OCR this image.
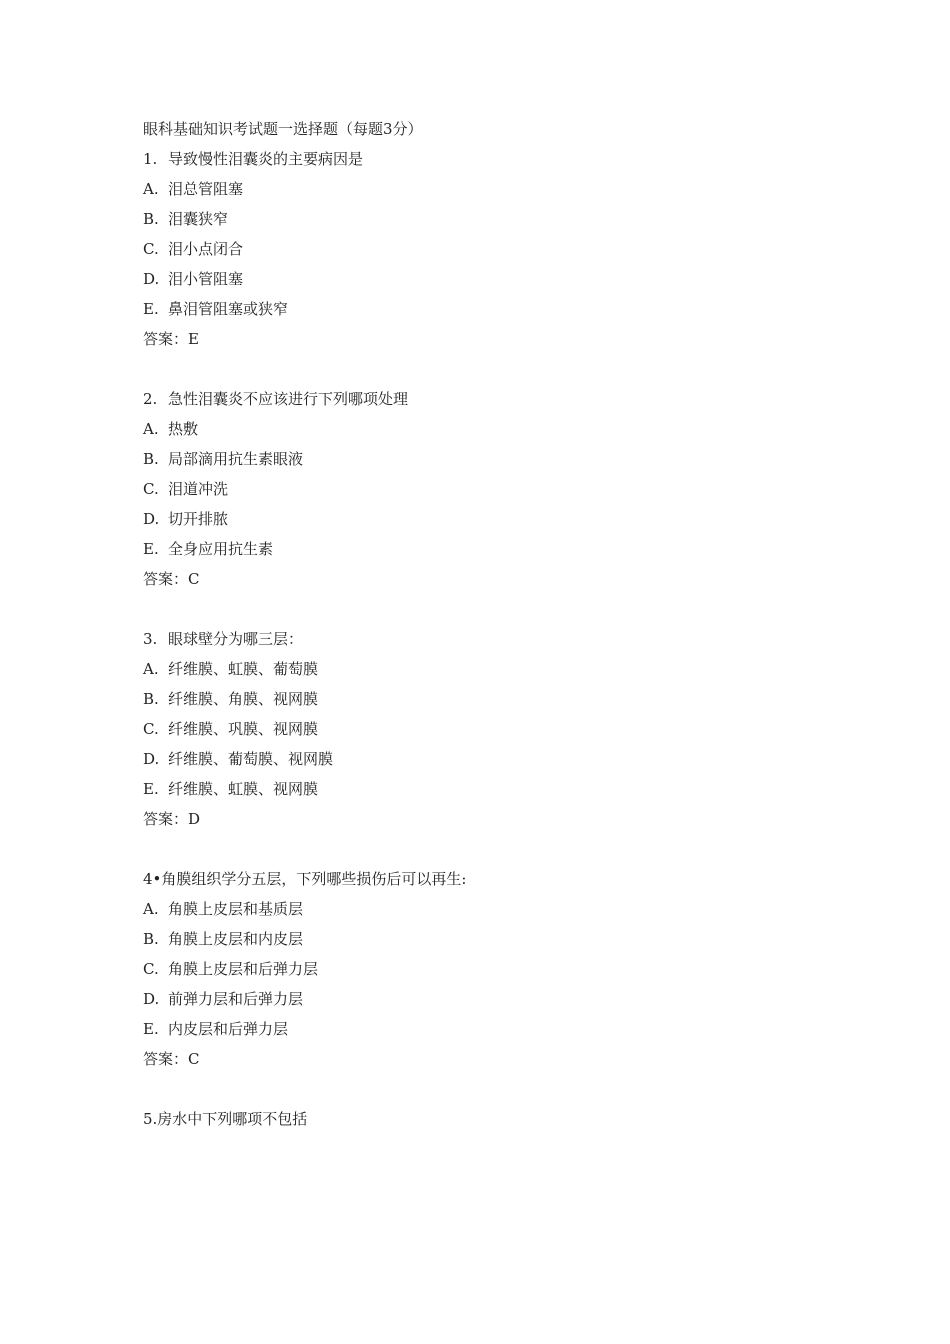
眼科基础知识考试题一选择题（每题3分）
1. 导致慢性泪囊炎的主要病因是
A. 泪总管阻塞
B. 泪囊狭窄
C. 泪小点闭合
D. 泪小管阻塞
E. 鼻泪管阻塞或狭窄
答案：E
2. 急性泪囊炎不应该进行下列哪项处理
A. 热敷
B. 局部滴用抗生素眼液
C. 泪道冲洗
D. 切开排脓
E. 全身应用抗生素
答案：C
3. 眼球壁分为哪三层：
A. 纤维膜、虹膜、葡萄膜
B. 纤维膜、角膜、视网膜
C. 纤维膜、巩膜、视网膜
D. 纤维膜、葡萄膜、视网膜
E. 纤维膜、虹膜、视网膜
答案：D
4•角膜组织学分五层，下列哪些损伤后可以再生:
A. 角膜上皮层和基质层
B. 角膜上皮层和内皮层
C. 角膜上皮层和后弹力层
D. 前弹力层和后弹力层
E. 内皮层和后弹力层
答案：C
5.房水中下列哪项不包括
